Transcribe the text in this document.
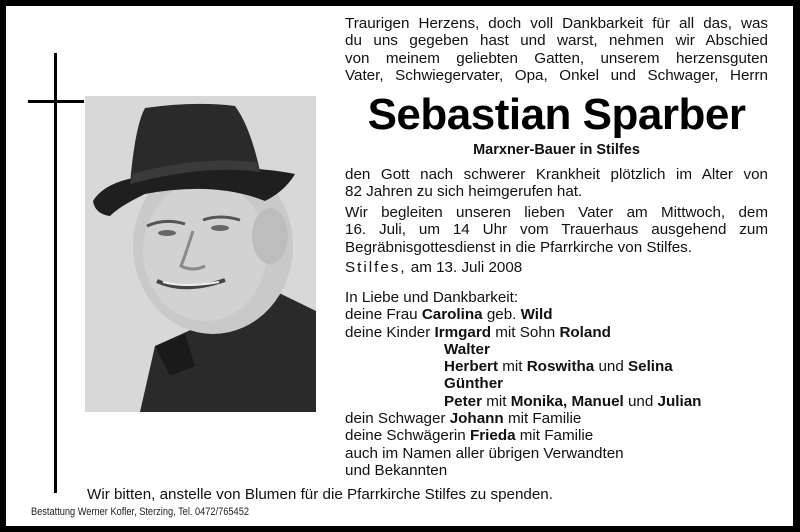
Traurigen Herzens, doch voll Dankbarkeit für all das, was
du uns gegeben hast und warst, nehmen wir Abschied
von meinem geliebten Gatten, unserem herzensguten
Vater, Schwiegervater, Opa, Onkel und Schwager, Herrn
Sebastian Sparber
Marxner-Bauer in Stilfes
den Gott nach schwerer Krankheit plötzlich im Alter von
82 Jahren zu sich heimgerufen hat.
Wir begleiten unseren lieben Vater am Mittwoch, dem
16. Juli, um 14 Uhr vom Trauerhaus ausgehend zum
Begräbnisgottesdienst in die Pfarrkirche von Stilfes.
Stilfes, am 13. Juli 2008
In Liebe und Dankbarkeit:
deine Frau Carolina geb. Wild
deine Kinder Irmgard mit Sohn Roland
Walter
Herbert mit Roswitha und Selina
Günther
Peter mit Monika, Manuel und Julian
dein Schwager Johann mit Familie
deine Schwägerin Frieda mit Familie
auch im Namen aller übrigen Verwandten
und Bekannten
Wir bitten, anstelle von Blumen für die Pfarrkirche Stilfes zu spenden.
Bestattung Werner Kofler, Sterzing, Tel. 0472/765452
